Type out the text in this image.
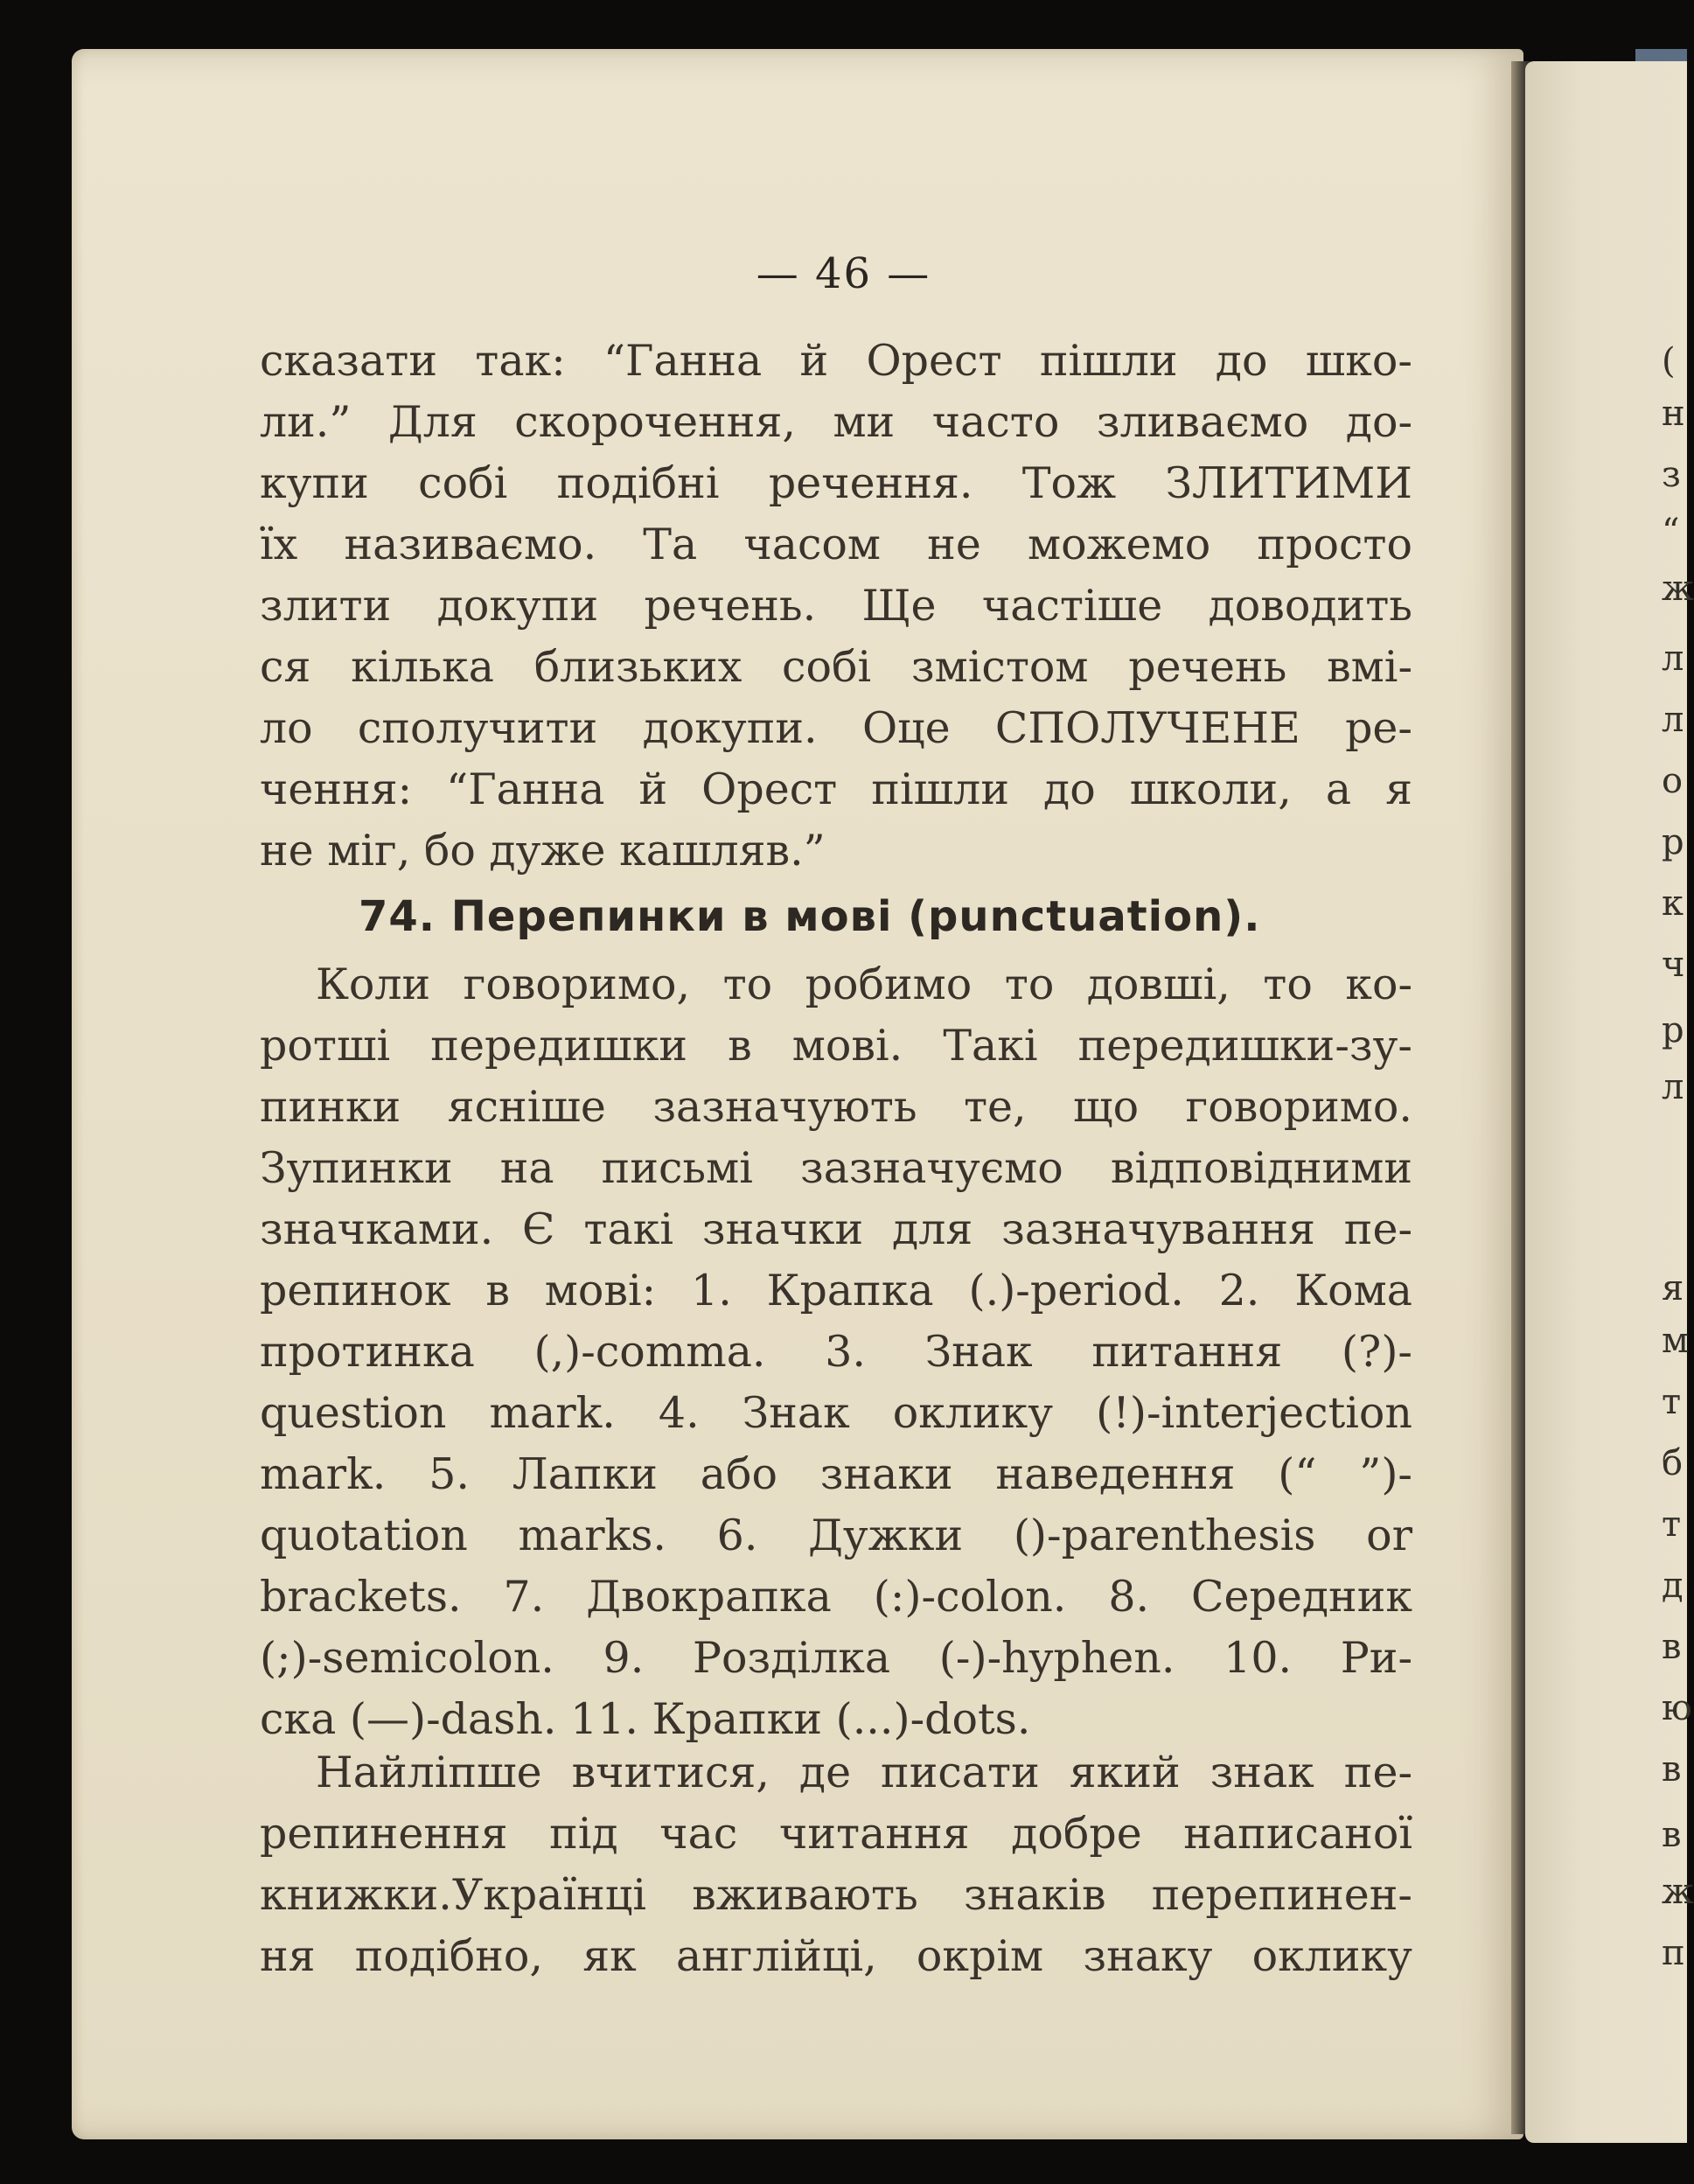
— 46 —
сказати так: “Ганна й Орест пішли до шко-
ли.” Для скорочення, ми часто зливаємо до-
купи собі подібні речення. Тож ЗЛИТИМИ
їх називаємо. Та часом не можемо просто
злити докупи речень. Ще частіше доводить
ся кілька близьких собі змістом речень вмі-
ло сполучити докупи. Оце СПОЛУЧЕНЕ ре-
чення: “Ганна й Орест пішли до школи, а я
не міг, бо дуже кашляв.”
74. Перепинки в мові (punctuation).
Коли говоримо, то робимо то довші, то ко-
ротші передишки в мові. Такі передишки-зу-
пинки ясніше зазначують те, що говоримо.
Зупинки на письмі зазначуємо відповідними
значками. Є такі значки для зазначування пе-
репинок в мові: 1. Крапка (.)-period. 2. Кома
протинка (,)-comma. 3. Знак питання (?)-
question mark. 4. Знак оклику (!)-interjection
mark. 5. Лапки або знаки наведення (“ ”)-
quotation marks. 6. Дужки ()-parenthesis or
brackets. 7. Двокрапка (:)-colon. 8. Середник
(;)-semicolon. 9. Розділка (-)-hyphen. 10. Ри-
ска (—)-dash. 11. Крапки (...)-dots.
Найліпше вчитися, де писати який знак пе-
репинення під час читання добре написаної
книжки.Українці вживають знаків перепинен-
ня подібно, як англійці, окрім знаку оклику
(
н
з
“
ж
л
л
о
р
к
ч
р
л
я
м
т
б
т
д
в
ю
в
в
ж
п
